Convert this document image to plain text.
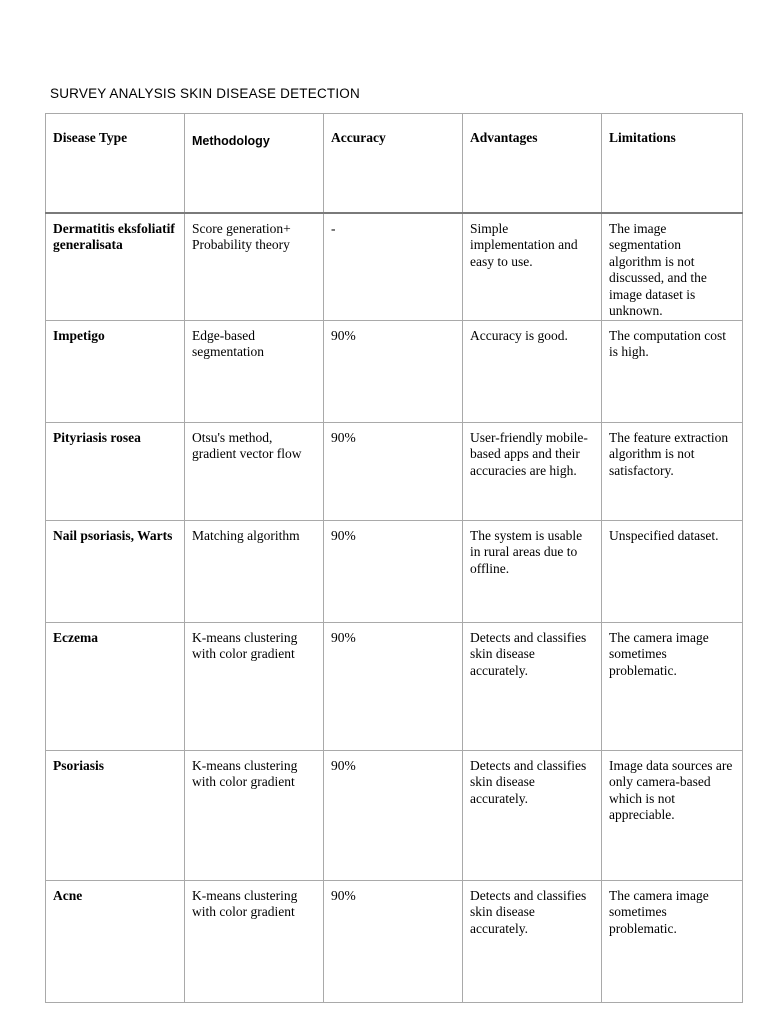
SURVEY ANALYSIS SKIN DISEASE DETECTION
Disease Type	Methodology	Accuracy	Advantages	Limitations
Dermatitis eksfoliatif generalisata	Score generation+ Probability theory	-	Simple implementation and easy to use.	The image segmentation algorithm is not discussed, and the image dataset is unknown.
Impetigo	Edge-based segmentation	90%	Accuracy is good.	The computation cost is high.
Pityriasis rosea	Otsu's method, gradient vector flow	90%	User-friendly mobile-based apps and their accuracies are high.	The feature extraction algorithm is not satisfactory.
Nail psoriasis, Warts	Matching algorithm	90%	The system is usable in rural areas due to offline.	Unspecified dataset.
Eczema	K-means clustering with color gradient	90%	Detects and classifies skin disease accurately.	The camera image sometimes problematic.
Psoriasis	K-means clustering with color gradient	90%	Detects and classifies skin disease accurately.	Image data sources are only camera-based which is not appreciable.
Acne	K-means clustering with color gradient	90%	Detects and classifies skin disease accurately.	The camera image sometimes problematic.
